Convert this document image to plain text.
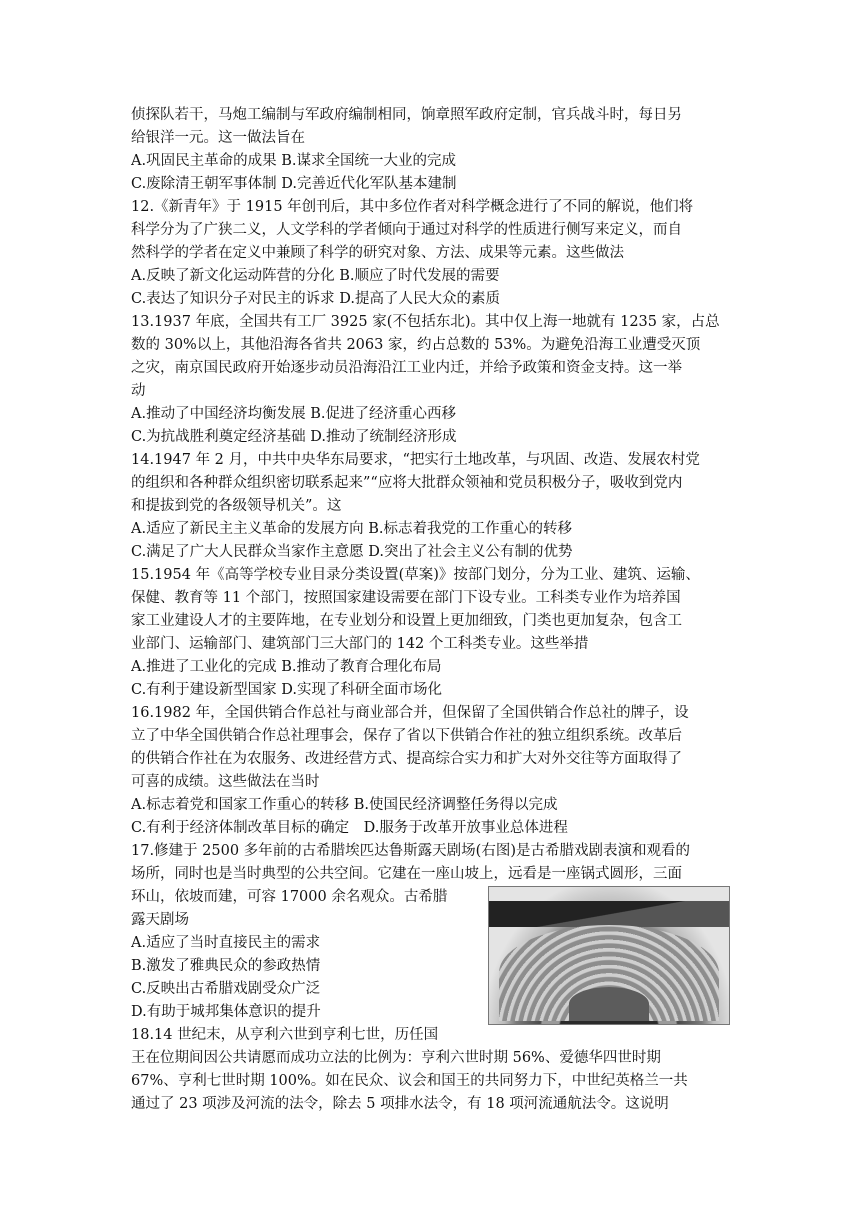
侦探队若干，马炮工编制与军政府编制相同，饷章照军政府定制，官兵战斗时，每日另
给银洋一元。这一做法旨在
A.巩固民主革命的成果 B.谋求全国统一大业的完成
C.废除清王朝军事体制 D.完善近代化军队基本建制
12.《新青年》于 1915 年创刊后，其中多位作者对科学概念进行了不同的解说，他们将
科学分为了广狭二义，人文学科的学者倾向于通过对科学的性质进行侧写来定义，而自
然科学的学者在定义中兼顾了科学的研究对象、方法、成果等元素。这些做法
A.反映了新文化运动阵营的分化 B.顺应了时代发展的需要
C.表达了知识分子对民主的诉求 D.提高了人民大众的素质
13.1937 年底，全国共有工厂 3925 家(不包括东北)。其中仅上海一地就有 1235 家，占总
数的 30%以上，其他沿海各省共 2063 家，约占总数的 53%。为避免沿海工业遭受灭顶
之灾，南京国民政府开始逐步动员沿海沿江工业内迁，并给予政策和资金支持。这一举
动
A.推动了中国经济均衡发展 B.促进了经济重心西移
C.为抗战胜利奠定经济基础 D.推动了统制经济形成
14.1947 年 2 月，中共中央华东局要求，“把实行土地改革，与巩固、改造、发展农村党
的组织和各种群众组织密切联系起来”“应将大批群众领袖和党员积极分子，吸收到党内
和提拔到党的各级领导机关”。这
A.适应了新民主主义革命的发展方向 B.标志着我党的工作重心的转移
C.满足了广大人民群众当家作主意愿 D.突出了社会主义公有制的优势
15.1954 年《高等学校专业目录分类设置(草案)》按部门划分，分为工业、建筑、运输、
保健、教育等 11 个部门，按照国家建设需要在部门下设专业。工科类专业作为培养国
家工业建设人才的主要阵地，在专业划分和设置上更加细致，门类也更加复杂，包含工
业部门、运输部门、建筑部门三大部门的 142 个工科类专业。这些举措
A.推进了工业化的完成 B.推动了教育合理化布局
C.有利于建设新型国家 D.实现了科研全面市场化
16.1982 年，全国供销合作总社与商业部合并，但保留了全国供销合作总社的牌子，设
立了中华全国供销合作总社理事会，保存了省以下供销合作社的独立组织系统。改革后
的供销合作社在为农服务、改进经营方式、提高综合实力和扩大对外交往等方面取得了
可喜的成绩。这些做法在当时
A.标志着党和国家工作重心的转移 B.使国民经济调整任务得以完成
C.有利于经济体制改革目标的确定　D.服务于改革开放事业总体进程
17.修建于 2500 多年前的古希腊埃匹达鲁斯露天剧场(右图)是古希腊戏剧表演和观看的
场所，同时也是当时典型的公共空间。它建在一座山坡上，远看是一座锅式圆形，三面
环山，依坡而建，可容 17000 余名观众。古希腊
露天剧场
A.适应了当时直接民主的需求
B.激发了雅典民众的参政热情
C.反映出古希腊戏剧受众广泛
D.有助于城邦集体意识的提升
18.14 世纪末，从亨利六世到亨利七世，历任国
王在位期间因公共请愿而成功立法的比例为：亨利六世时期 56%、爱德华四世时期
67%、亨利七世时期 100%。如在民众、议会和国王的共同努力下，中世纪英格兰一共
通过了 23 项涉及河流的法令，除去 5 项排水法令，有 18 项河流通航法令。这说明
